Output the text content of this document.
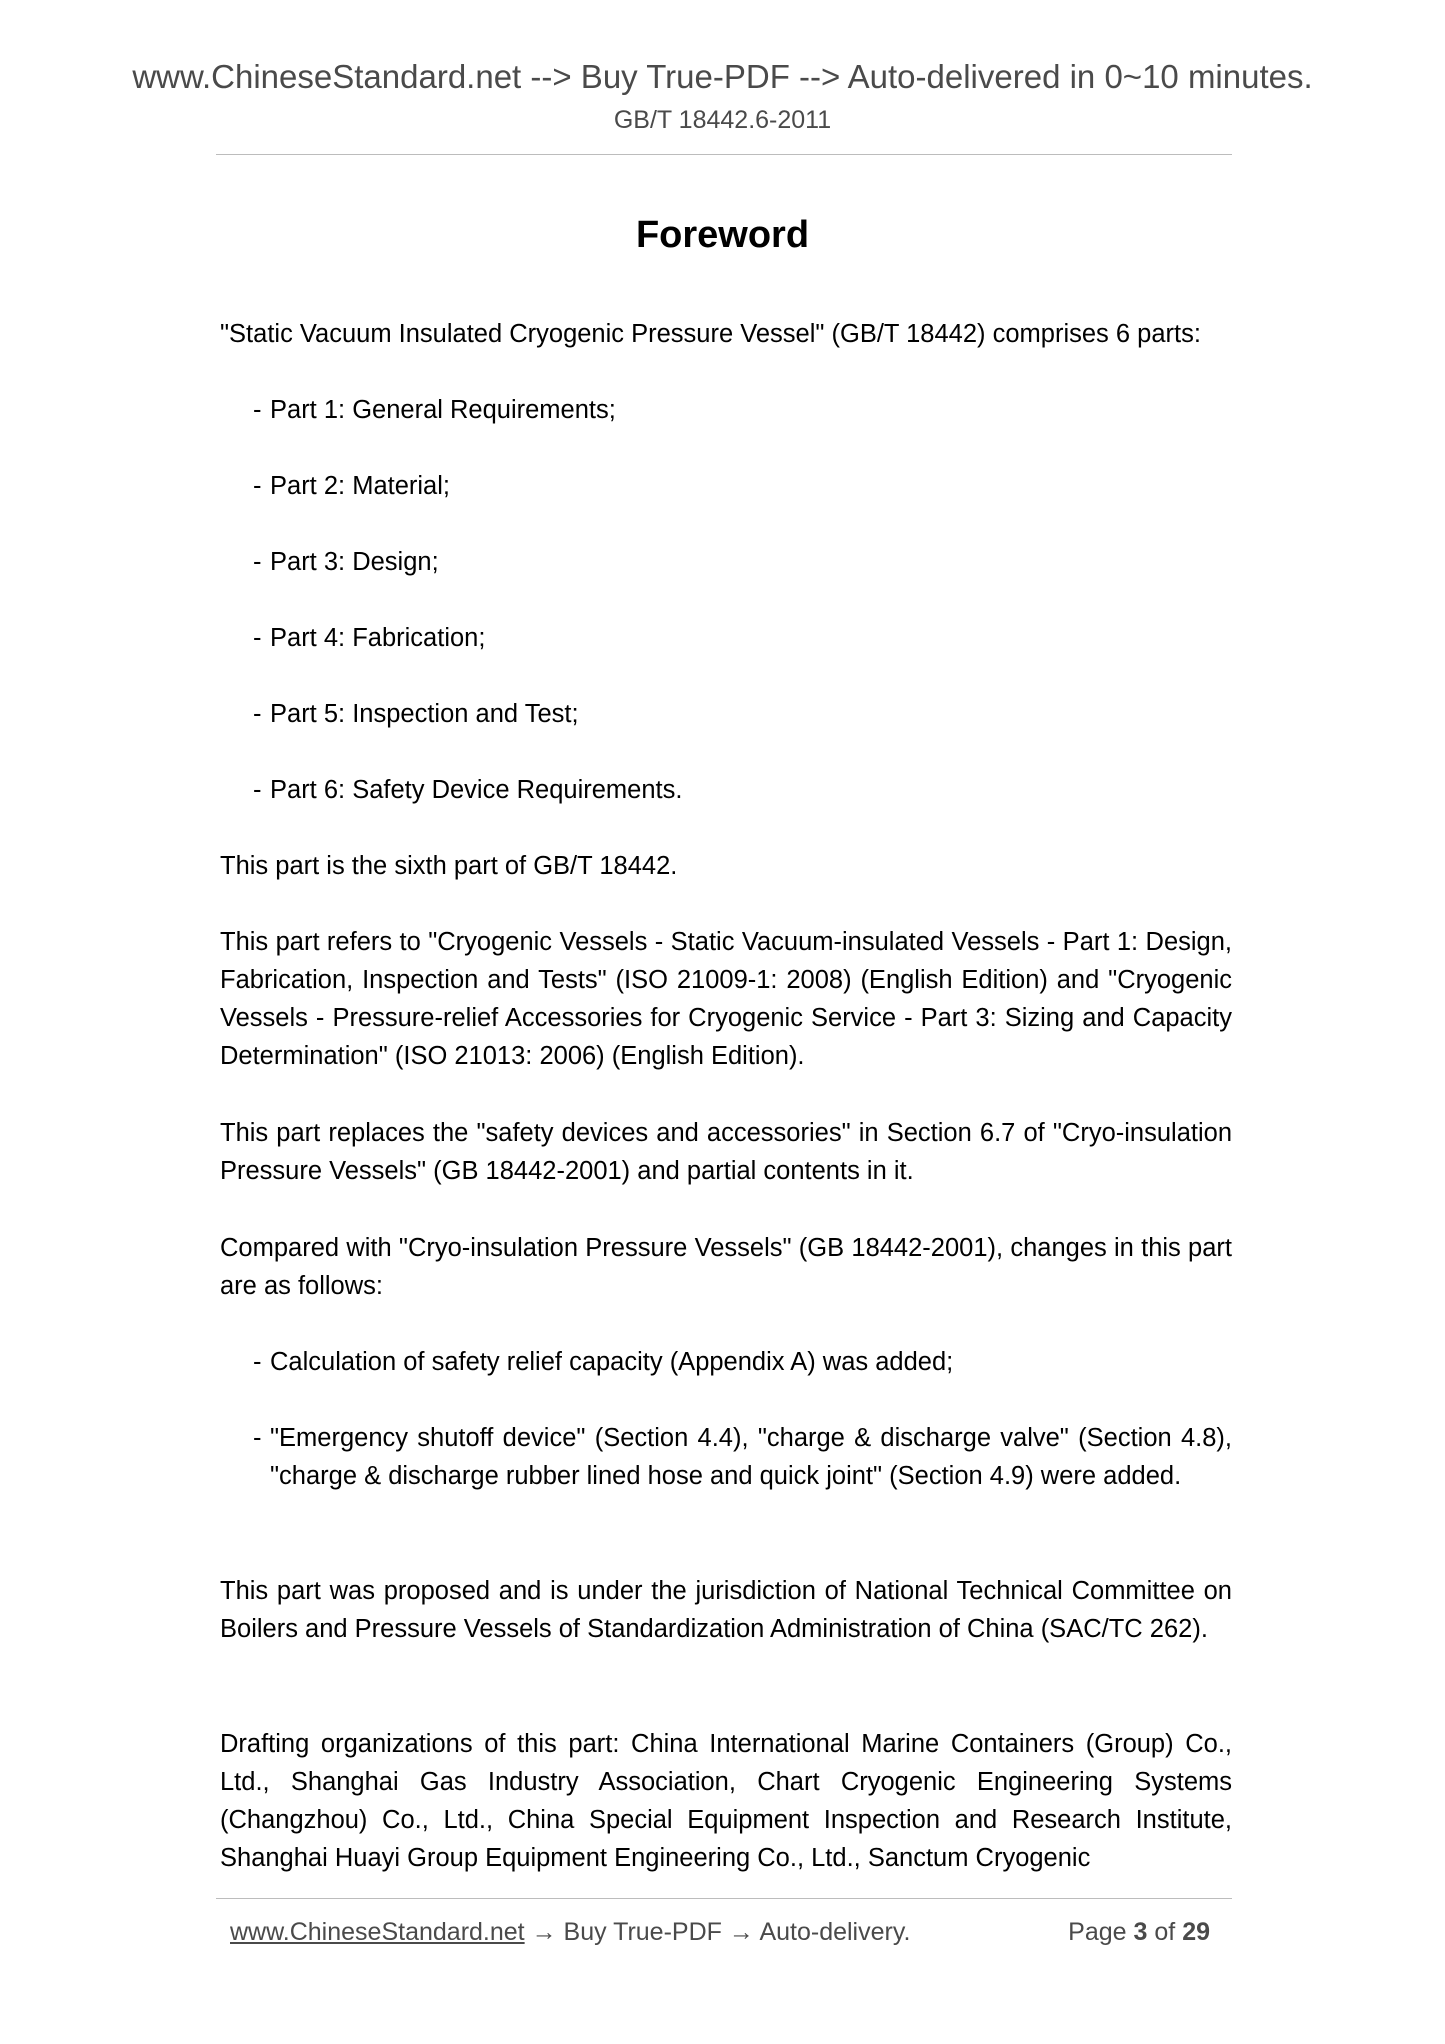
www.ChineseStandard.net --> Buy True-PDF --> Auto-delivered in 0~10 minutes.
GB/T 18442.6-2011
Foreword
"Static Vacuum Insulated Cryogenic Pressure Vessel" (GB/T 18442) comprises 6 parts:
- Part 1: General Requirements;
- Part 2: Material;
- Part 3: Design;
- Part 4: Fabrication;
- Part 5: Inspection and Test;
- Part 6: Safety Device Requirements.
This part is the sixth part of GB/T 18442.
This part refers to "Cryogenic Vessels - Static Vacuum-insulated Vessels - Part 1: Design, Fabrication, Inspection and Tests" (ISO 21009-1: 2008) (English Edition) and "Cryogenic Vessels - Pressure-relief Accessories for Cryogenic Service - Part 3: Sizing and Capacity Determination" (ISO 21013: 2006) (English Edition).
This part replaces the "safety devices and accessories" in Section 6.7 of "Cryo-insulation Pressure Vessels" (GB 18442-2001) and partial contents in it.
Compared with "Cryo-insulation Pressure Vessels" (GB 18442-2001), changes in this part are as follows:
- Calculation of safety relief capacity (Appendix A) was added;
- "Emergency shutoff device" (Section 4.4), "charge & discharge valve" (Section 4.8), "charge & discharge rubber lined hose and quick joint" (Section 4.9) were added.
This part was proposed and is under the jurisdiction of National Technical Committee on Boilers and Pressure Vessels of Standardization Administration of China (SAC/TC 262).
Drafting organizations of this part: China International Marine Containers (Group) Co., Ltd., Shanghai Gas Industry Association, Chart Cryogenic Engineering Systems (Changzhou) Co., Ltd., China Special Equipment Inspection and Research Institute, Shanghai Huayi Group Equipment Engineering Co., Ltd., Sanctum Cryogenic
www.ChineseStandard.net → Buy True-PDF → Auto-delivery.	Page 3 of 29
